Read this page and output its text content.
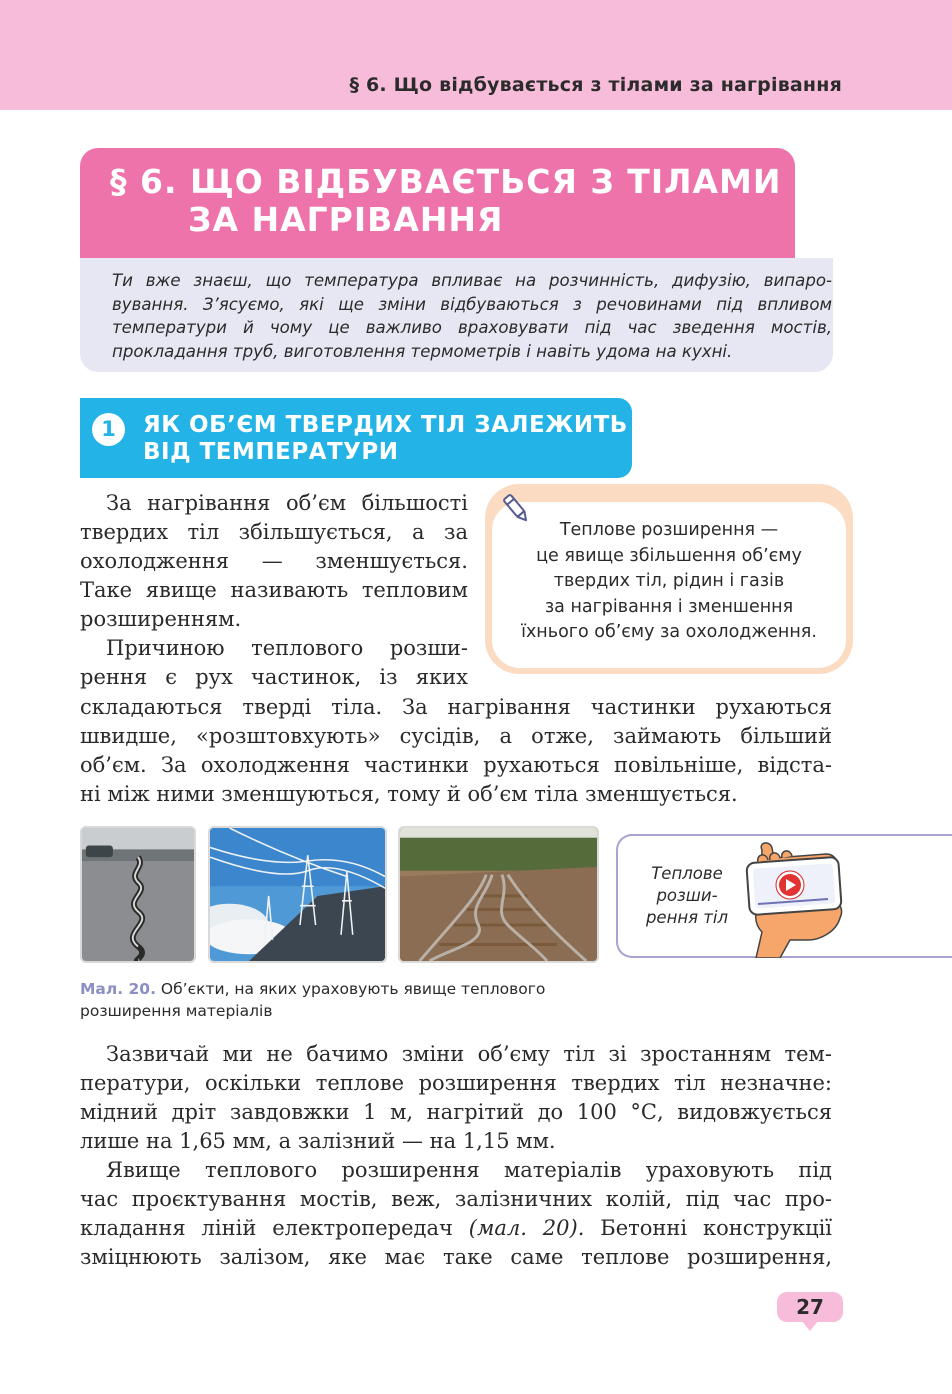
§ 6. Що відбувається з тілами за нагрівання
§ 6. ЩО ВІДБУВАЄТЬСЯ З ТІЛАМИ
ЗА НАГРІВАННЯ
Ти вже знаєш, що температура впливає на розчинність, дифузію, випаро-
вування. З’ясуємо, які ще зміни відбуваються з речовинами під впливом
температури й чому це важливо враховувати під час зведення мостів,
прокладання труб, виготовлення термометрів і навіть удома на кухні.
1	ЯК ОБ’ЄМ ТВЕРДИХ ТІЛ ЗАЛЕЖИТЬ
ВІД ТЕМПЕРАТУРИ
За нагрівання об’єм більшості
твердих тіл збільшується, а за
охолодження — зменшується.
Таке явище називають тепловим
розширенням.
Причиною теплового розши-
рення є рух частинок, із яких
складаються тверді тіла. За нагрівання частинки рухаються
швидше, «розштовхують» сусідів, а отже, займають більший
об’єм. За охолодження частинки рухаються повільніше, відста-
ні між ними зменшуються, тому й об’єм тіла зменшується.
Теплове розширення —
це явище збільшення об’єму
твердих тіл, рідин і газів
за нагрівання і зменшення
їхнього об’єму за охолодження.
Мал. 20. Об’єкти, на яких ураховують явище теплового
розширення матеріалів
Теплове
розши-
рення тіл
Зазвичай ми не бачимо зміни об’єму тіл зі зростанням тем-
ператури, оскільки теплове розширення твердих тіл незначне:
мідний дріт завдовжки 1 м, нагрітий до 100 °С, видовжується
лише на 1,65 мм, а залізний — на 1,15 мм.
Явище теплового розширення матеріалів ураховують під
час проєктування мостів, веж, залізничних колій, під час про-
кладання ліній електропередач (мал. 20). Бетонні конструкції
зміцнюють залізом, яке має таке саме теплове розширення,
27
